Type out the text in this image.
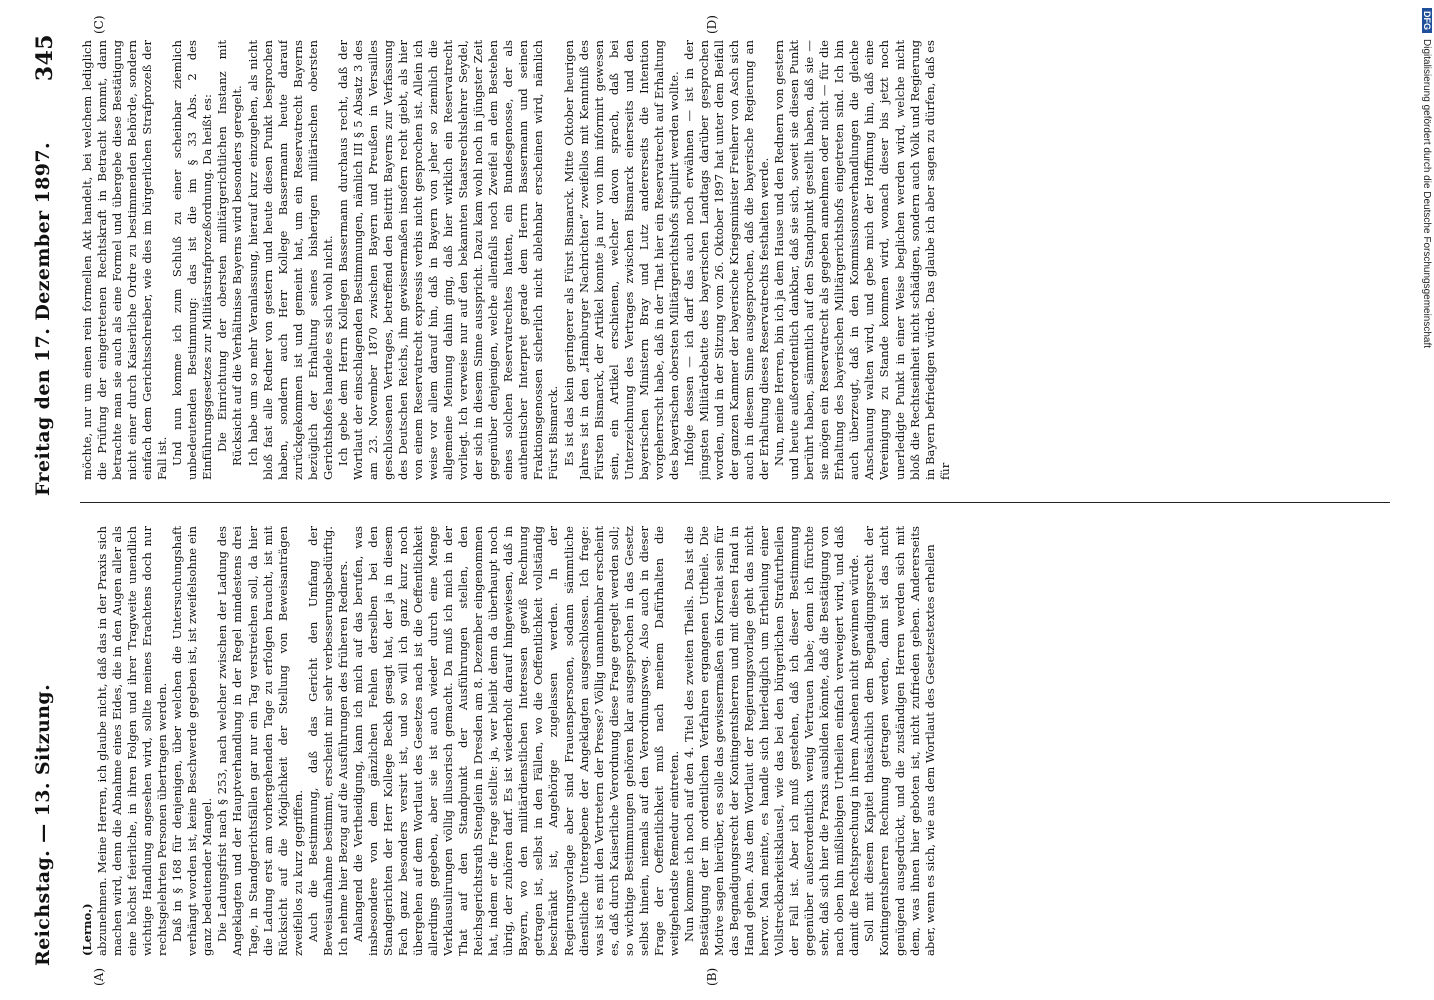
Reichstag. — 13. Sitzung.
Freitag den 17. Dezember 1897.
345
(A)	(B)
(C)	(D)

(Lerno.) abzunehmen. Meine Herren, ich glaube nicht, daß das in der Praxis sich machen wird, denn die Abnahme eines Eides, die in den Augen aller als eine höchst feierliche, in ihren Folgen und ihrer Tragweite unendlich wichtige Handlung angesehen wird, sollte meines Erachtens doch nur rechtsgelehrten Personen übertragen werden. Daß in § 168 für denjenigen, über welchen die Untersuchungshaft verhängt worden ist, keine Beschwerde gegeben ist, ist zweifelsohne ein ganz bedeutender Mangel. Die Ladungsfrist nach § 253, nach welcher zwischen der Ladung des Angeklagten und der Hauptverhandlung in der Regel mindestens drei Tage, in Standgerichtsfällen gar nur ein Tag verstreichen soll, da hier die Ladung erst am vorhergehenden Tage zu erfolgen braucht, ist mit Rücksicht auf die Möglichkeit der Stellung von Beweisanträgen zweifellos zu kurz gegriffen. Auch die Bestimmung, daß das Gericht den Umfang der Beweisaufnahme bestimmt, erscheint mir sehr verbesserungsbedürftig. Ich nehme hier Bezug auf die Ausführungen des früheren Redners. Anlangend die Vertheidigung, kann ich mich auf das berufen, was insbesondere von dem gänzlichen Fehlen derselben bei den Standgerichten der Herr Kollege Beckh gesagt hat, der ja in diesem Fach ganz besonders versirt ist, und so will ich ganz kurz noch übergehen auf dem Wortlaut des Gesetzes nach ist die Oeffentlichkeit allerdings gegeben, aber sie ist auch wieder durch eine Menge Verklausulirungen völlig illusorisch gemacht. Da muß ich mich in der That auf den Standpunkt der Ausführungen stellen, den Reichsgerichtsrath Stenglein in Dresden am 8. Dezember eingenommen hat, indem er die Frage stellte: ja, wer bleibt denn da überhaupt noch übrig, der zuhören darf. Es ist wiederholt darauf hingewiesen, daß in Bayern, wo den militärdienstlichen Interessen gewiß Rechnung getragen ist, selbst in den Fällen, wo die Oeffentlichkeit vollständig beschränkt ist, Angehörige zugelassen werden. In der Regierungsvorlage aber sind Frauenspersonen, sodann sämmtliche dienstliche Untergebene der Angeklagten ausgeschlossen. Ich frage: was ist es mit den Vertretern der Presse? Völlig unannehmbar erscheint es, daß durch Kaiserliche Verordnung diese Frage geregelt werden soll; so wichtige Bestimmungen gehören klar ausgesprochen in das Gesetz selbst hinein, niemals auf den Verordnungsweg. Also auch in dieser Frage der Oeffentlichkeit muß nach meinem Dafürhalten die weitgehendste Remedur eintreten. Nun komme ich noch auf den 4. Titel des zweiten Theils. Das ist die Bestätigung der im ordentlichen Verfahren ergangenen Urtheile. Die Motive sagen hierüber, es solle das gewissermaßen ein Korrelat sein für das Begnadigungsrecht der Kontingentsherren und mit diesen Hand in Hand gehen. Aus dem Wortlaut der Regierungsvorlage geht das nicht hervor. Man meinte, es handle sich hierlediglich um Ertheilung einer Vollstreckbarkeitsklausel, wie das bei den bürgerlichen Strafurtheilen der Fall ist. Aber ich muß gestehen, daß ich dieser Bestimmung gegenüber außerordentlich wenig Vertrauen habe; denn ich fürchte sehr, daß sich hier die Praxis ausbilden könnte, daß die Bestätigung von nach oben hin mißliebigen Urtheilen einfach verweigert wird, und daß damit die Rechtsprechung in ihrem Ansehen nicht gewinnen würde. Soll mit diesem Kapitel thatsächlich dem Begnadigungsrecht der Kontingentsherren Rechnung getragen werden, dann ist das nicht genügend ausgedrückt, und die zuständigen Herren werden sich mit dem, was ihnen hier geboten ist, nicht zufrieden geben. Andererseits aber, wenn es sich, wie aus dem Wortlaut des Gesetzestextes erhellen

möchte, nur um einen rein formellen Akt handelt, bei welchem lediglich die Prüfung der eingetretenen Rechtskraft in Betracht kommt, dann betrachte man sie auch als eine Formel und übergebe diese Bestätigung nicht einer durch Kaiserliche Ordre zu bestimmenden Behörde, sondern einfach dem Gerichtsschreiber, wie dies im bürgerlichen Strafprozeß der Fall ist. Und nun komme ich zum Schluß zu einer scheinbar ziemlich unbedeutenden Bestimmung: das ist die im § 33 Abs. 2 des Einführungsgesetzes zur Militärstrafprozeßordnung. Da heißt es: Die Einrichtung der obersten militärgerichtlichen Instanz mit Rücksicht auf die Verhältnisse Bayerns wird besonders geregelt. Ich habe um so mehr Veranlassung, hierauf kurz einzugehen, als nicht bloß fast alle Redner von gestern und heute diesen Punkt besprochen haben, sondern auch Herr Kollege Bassermann heute darauf zurückgekommen ist und gemeint hat, um ein Reservatrecht Bayerns bezüglich der Erhaltung seines bisherigen militärischen obersten Gerichtshofes handele es sich wohl nicht. Ich gebe dem Herrn Kollegen Bassermann durchaus recht, daß der Wortlaut der einschlagenden Bestimmungen, nämlich III § 5 Absatz 3 des am 23. November 1870 zwischen Bayern und Preußen in Versailles geschlossenen Vertrages, betreffend den Beitritt Bayerns zur Verfassung des Deutschen Reichs, ihm gewissermaßen insofern recht giebt, als hier von einem Reservatrecht expressis verbis nicht gesprochen ist. Allein ich weise vor allem darauf hin, daß in Bayern von jeher so ziemlich die allgemeine Meinung dahin ging, daß hier wirklich ein Reservatrecht vorliegt. Ich verweise nur auf den bekannten Staatsrechtslehrer Seydel, der sich in diesem Sinne ausspricht. Dazu kam wohl noch in jüngster Zeit gegenüber denjenigen, welche allenfalls noch Zweifel an dem Bestehen eines solchen Reservatrechtes hatten, ein Bundesgenosse, der als authentischer Interpret gerade dem Herrn Bassermann und seinen Fraktionsgenossen sicherlich nicht ablehnbar erscheinen wird, nämlich Fürst Bismarck. Es ist das kein geringerer als Fürst Bismarck. Mitte Oktober heurigen Jahres ist in den „Hamburger Nachrichten“ zweifellos mit Kenntniß des Fürsten Bismarck, der Artikel konnte ja nur von ihm informirt gewesen sein, ein Artikel erschienen, welcher davon sprach, daß bei Unterzeichnung des Vertrages zwischen Bismarck einerseits und den bayerischen Ministern Bray und Lutz andererseits die Intention vorgeherrscht habe, daß in der That hier ein Reservatrecht auf Erhaltung des bayerischen obersten Militärgerichtshofs stipulirt werden wollte. Infolge dessen — ich darf das auch noch erwähnen — ist in der jüngsten Militärdebatte des bayerischen Landtags darüber gesprochen worden, und in der Sitzung vom 26. Oktober 1897 hat unter dem Beifall der ganzen Kammer der bayerische Kriegsminister Freiherr von Asch sich auch in diesem Sinne ausgesprochen, daß die bayerische Regierung an der Erhaltung dieses Reservatrechts festhalten werde. Nun, meine Herren, bin ich ja dem Hause und den Rednern von gestern und heute außerordentlich dankbar, daß sie sich, soweit sie diesen Punkt berührt haben, sämmtlich auf den Standpunkt gestellt haben, daß sie — sie mögen ein Reservatrecht als gegeben annehmen oder nicht — für die Erhaltung des bayerischen Militärgerichtshofs eingetreten sind. Ich bin auch überzeugt, daß in den Kommissionsverhandlungen die gleiche Anschauung walten wird, und gebe mich der Hoffnung hin, daß eine Vereinigung zu Stande kommen wird, wonach dieser bis jetzt noch unerledigte Punkt in einer Weise beglichen werden wird, welche nicht bloß die Rechtseinheit nicht schädigen, sondern auch Volk und Regierung in Bayern befriedigen würde. Das glaube ich aber sagen zu dürfen, daß es für

DFGDigitalisierung gefördert durch die Deutsche Forschungsgemeinschaft
